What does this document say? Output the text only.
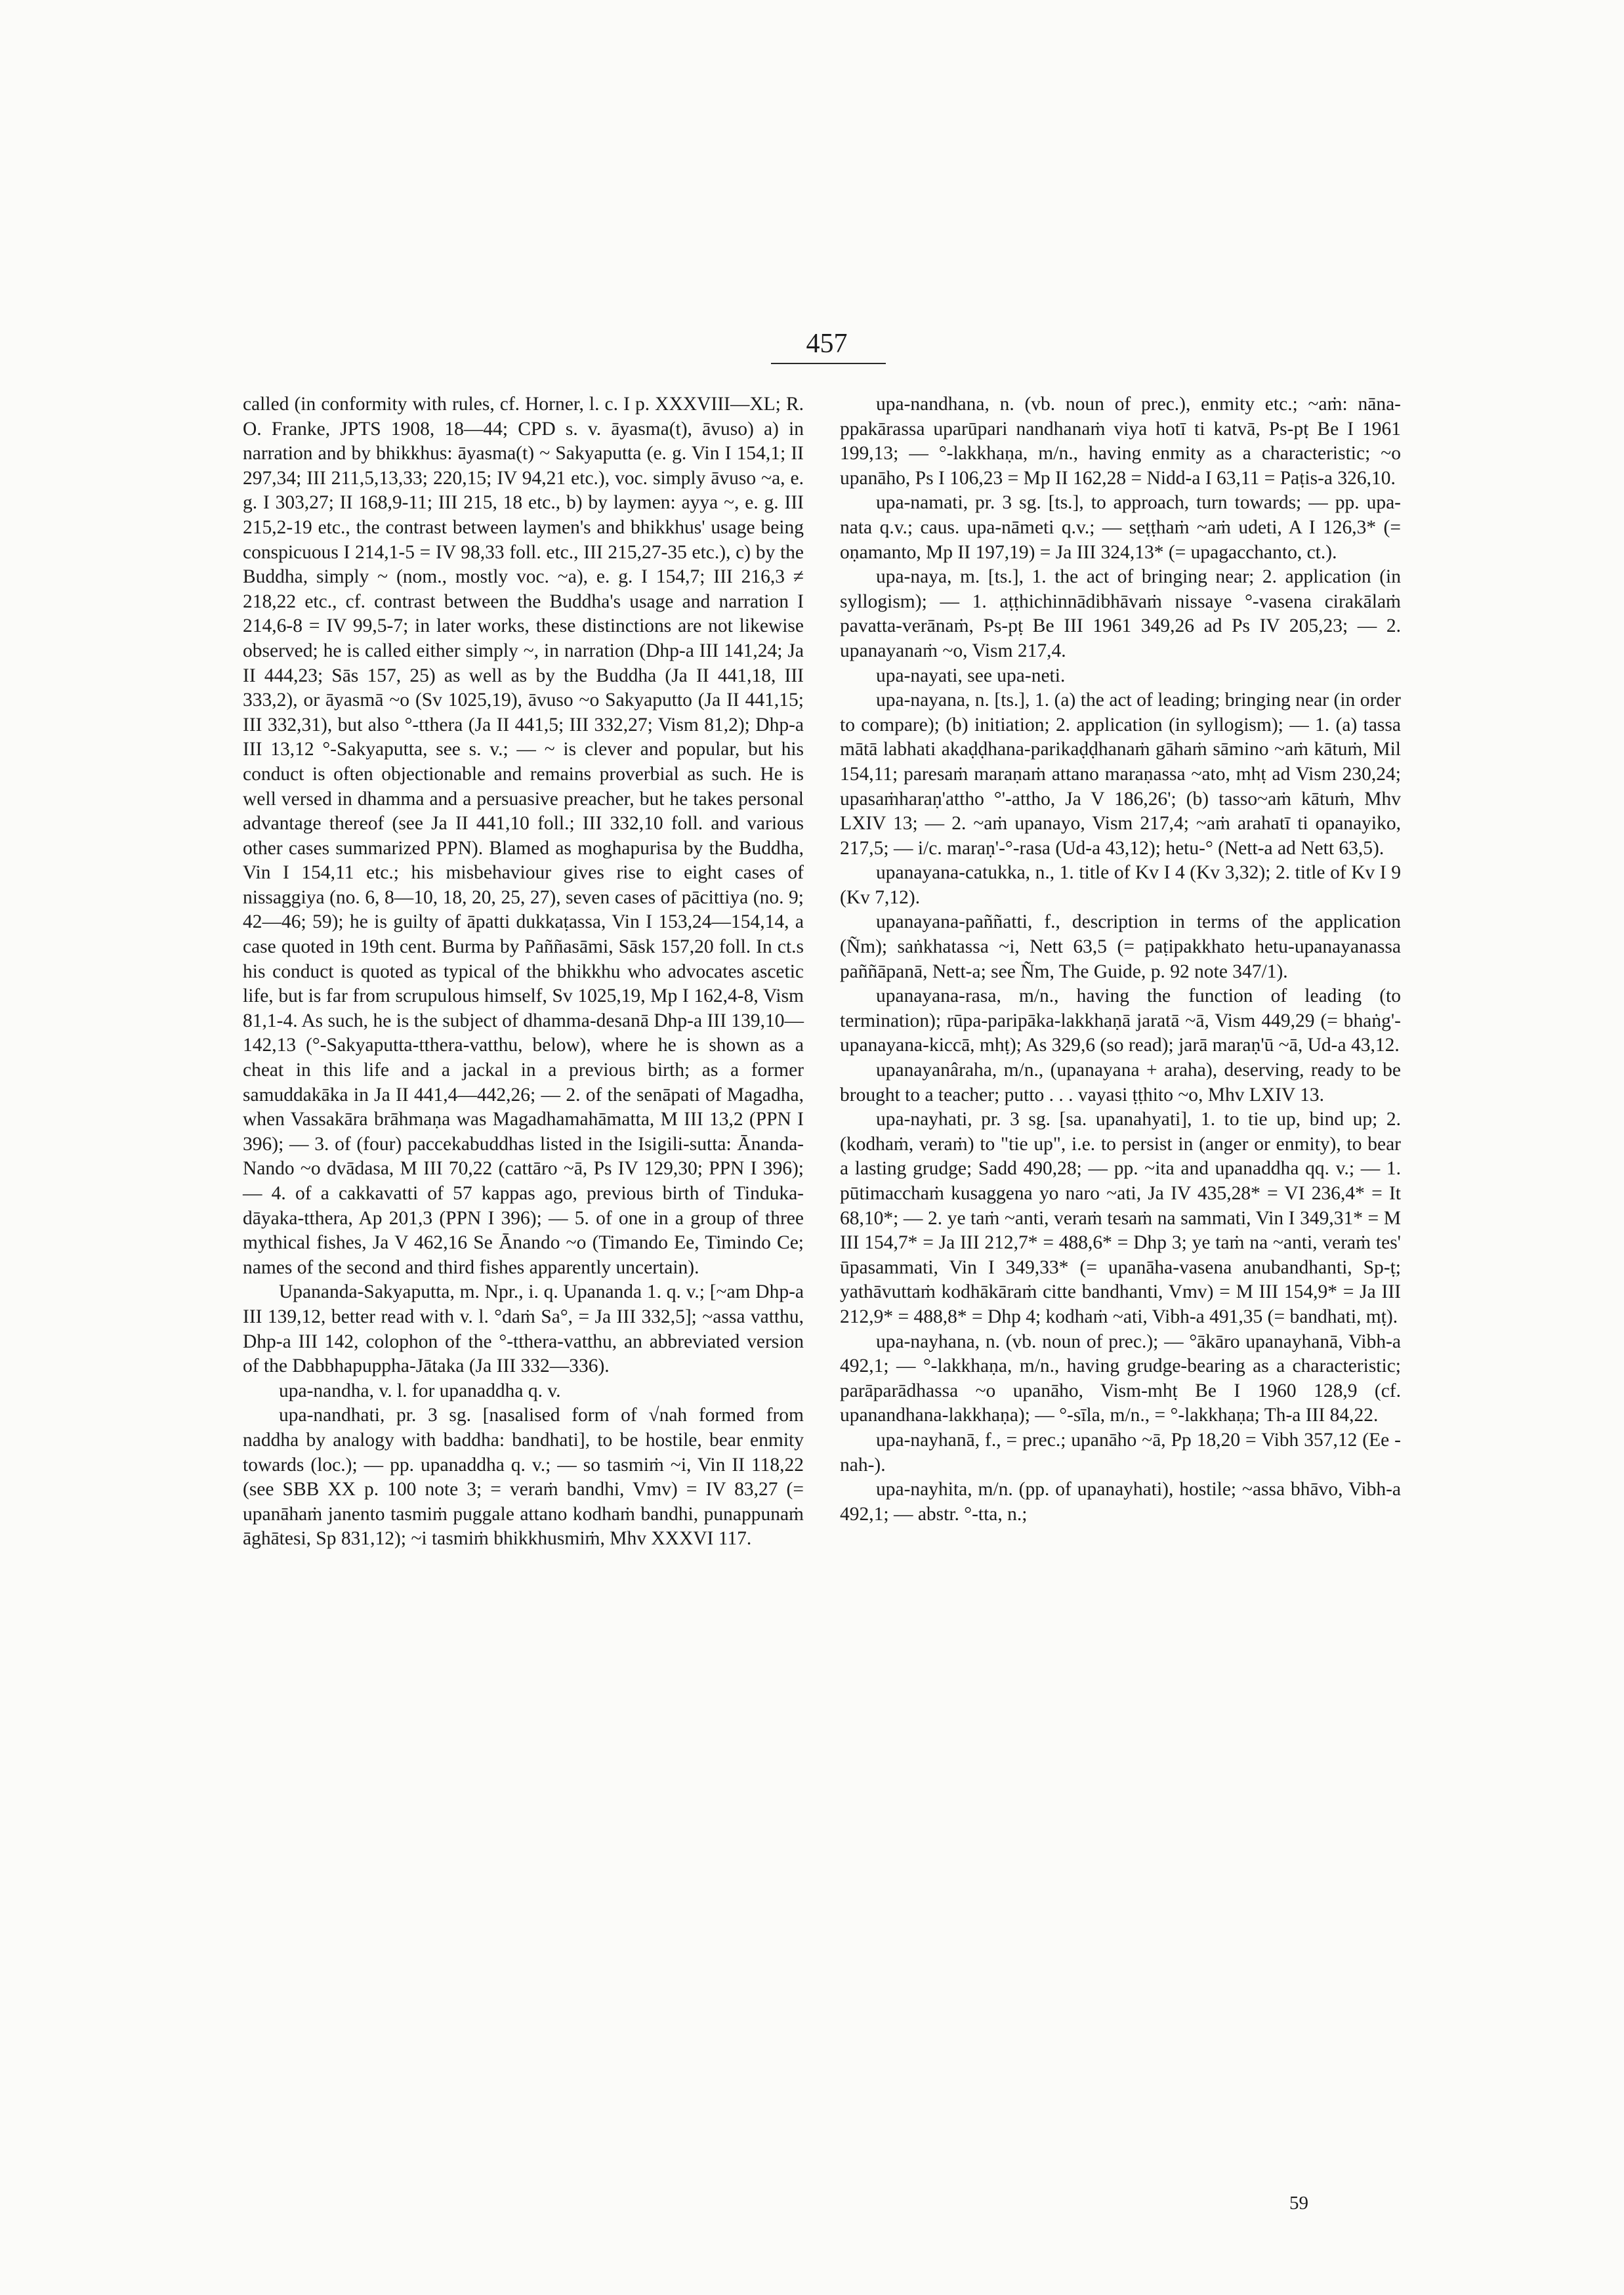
457

called (in conformity with rules, cf. Horner, l. c. I p. XXXVIII—XL; R. O. Franke, JPTS 1908, 18—44; CPD s. v. āyasma(t), āvuso) a) in narration and by bhikkhus: āyasma(t) ~ Sakyaputta (e. g. Vin I 154,1; II 297,34; III 211,5,13,33; 220,15; IV 94,21 etc.), voc. simply āvuso ~a, e. g. I 303,27; II 168,9-11; III 215, 18 etc., b) by laymen: ayya ~, e. g. III 215,2-19 etc., the contrast between laymen's and bhikkhus' usage being conspicuous I 214,1-5 = IV 98,33 foll. etc., III 215,27-35 etc.), c) by the Buddha, simply ~ (nom., mostly voc. ~a), e. g. I 154,7; III 216,3 ≠ 218,22 etc., cf. contrast between the Buddha's usage and narration I 214,6-8 = IV 99,5-7; in later works, these distinctions are not likewise observed; he is called either simply ~, in narration (Dhp-a III 141,24; Ja II 444,23; Sās 157, 25) as well as by the Buddha (Ja II 441,18, III 333,2), or āyasmā ~o (Sv 1025,19), āvuso ~o Sakyaputto (Ja II 441,15; III 332,31), but also °-tthera (Ja II 441,5; III 332,27; Vism 81,2); Dhp-a III 13,12 °-Sakyaputta, see s. v.; — ~ is clever and popular, but his conduct is often objectionable and remains proverbial as such. He is well versed in dhamma and a persuasive preacher, but he takes personal advantage thereof (see Ja II 441,10 foll.; III 332,10 foll. and various other cases summarized PPN). Blamed as moghapurisa by the Buddha, Vin I 154,11 etc.; his misbehaviour gives rise to eight cases of nissaggiya (no. 6, 8—10, 18, 20, 25, 27), seven cases of pācittiya (no. 9; 42—46; 59); he is guilty of āpatti dukkaṭassa, Vin I 153,24—154,14, a case quoted in 19th cent. Burma by Paññasāmi, Sāsk 157,20 foll. In ct.s his conduct is quoted as typical of the bhikkhu who advocates ascetic life, but is far from scrupulous himself, Sv 1025,19, Mp I 162,4-8, Vism 81,1-4. As such, he is the subject of dhamma-desanā Dhp-a III 139,10—142,13 (°-Sakyaputta-tthera-vatthu, below), where he is shown as a cheat in this life and a jackal in a previous birth; as a former samuddakāka in Ja II 441,4—442,26; — 2. of the senāpati of Magadha, when Vassakāra brāhmaṇa was Magadhamahāmatta, M III 13,2 (PPN I 396); — 3. of (four) paccekabuddhas listed in the Isigili-sutta: Ānanda-Nando ~o dvādasa, M III 70,22 (cattāro ~ā, Ps IV 129,30; PPN I 396); — 4. of a cakkavatti of 57 kappas ago, previous birth of Tinduka-dāyaka-tthera, Ap 201,3 (PPN I 396); — 5. of one in a group of three mythical fishes, Ja V 462,16 Se Ānando ~o (Timando Ee, Timindo Ce; names of the second and third fishes apparently uncertain).

Upananda-Sakyaputta, m. Npr., i. q. Upananda 1. q. v.; [~am Dhp-a III 139,12, better read with v. l. °daṁ Sa°, = Ja III 332,5]; ~assa vatthu, Dhp-a III 142, colophon of the °-tthera-vatthu, an abbreviated version of the Dabbhapuppha-Jātaka (Ja III 332—336).

upa-nandha, v. l. for upanaddha q. v.

upa-nandhati, pr. 3 sg. [nasalised form of √nah formed from naddha by analogy with baddha: bandhati], to be hostile, bear enmity towards (loc.); — pp. upanaddha q. v.; — so tasmiṁ ~i, Vin II 118,22 (see SBB XX p. 100 note 3; = veraṁ bandhi, Vmv) = IV 83,27 (= upanāhaṁ janento tasmiṁ puggale attano kodhaṁ bandhi, punappunaṁ āghātesi, Sp 831,12); ~i tasmiṁ bhikkhusmiṁ, Mhv XXXVI 117.

upa-nandhana, n. (vb. noun of prec.), enmity etc.; ~aṁ: nāna-ppakārassa uparūpari nandhanaṁ viya hotī ti katvā, Ps-pṭ Be I 1961 199,13; — °-lakkhaṇa, m/n., having enmity as a characteristic; ~o upanāho, Ps I 106,23 = Mp II 162,28 = Nidd-a I 63,11 = Paṭis-a 326,10.

upa-namati, pr. 3 sg. [ts.], to approach, turn towards; — pp. upa-nata q.v.; caus. upa-nāmeti q.v.; — seṭṭhaṁ ~aṁ udeti, A I 126,3* (= oṇamanto, Mp II 197,19) = Ja III 324,13* (= upagacchanto, ct.).

upa-naya, m. [ts.], 1. the act of bringing near; 2. application (in syllogism); — 1. aṭṭhichinnādibhāvaṁ nissaye °-vasena cirakālaṁ pavatta-verānaṁ, Ps-pṭ Be III 1961 349,26 ad Ps IV 205,23; — 2. upanayanaṁ ~o, Vism 217,4.

upa-nayati, see upa-neti.

upa-nayana, n. [ts.], 1. (a) the act of leading; bringing near (in order to compare); (b) initiation; 2. application (in syllogism); — 1. (a) tassa mātā labhati akaḍḍhana-parikaḍḍhanaṁ gāhaṁ sāmino ~aṁ kātuṁ, Mil 154,11; paresaṁ maraṇaṁ attano maraṇassa ~ato, mhṭ ad Vism 230,24; upasaṁharaṇ'attho °'-attho, Ja V 186,26'; (b) tasso~aṁ kātuṁ, Mhv LXIV 13; — 2. ~aṁ upanayo, Vism 217,4; ~aṁ arahatī ti opanayiko, 217,5; — i/c. maraṇ'-°-rasa (Ud-a 43,12); hetu-° (Nett-a ad Nett 63,5).

upanayana-catukka, n., 1. title of Kv I 4 (Kv 3,32); 2. title of Kv I 9 (Kv 7,12).

upanayana-paññatti, f., description in terms of the application (Ñm); saṅkhatassa ~i, Nett 63,5 (= paṭipakkhato hetu-upanayanassa paññāpanā, Nett-a; see Ñm, The Guide, p. 92 note 347/1).

upanayana-rasa, m/n., having the function of leading (to termination); rūpa-paripāka-lakkhaṇā jaratā ~ā, Vism 449,29 (= bhaṅg'-upanayana-kiccā, mhṭ); As 329,6 (so read); jarā maraṇ'ū ~ā, Ud-a 43,12.

upanayanâraha, m/n., (upanayana + araha), deserving, ready to be brought to a teacher; putto . . . vayasi ṭṭhito ~o, Mhv LXIV 13.

upa-nayhati, pr. 3 sg. [sa. upanahyati], 1. to tie up, bind up; 2. (kodhaṁ, veraṁ) to "tie up", i.e. to persist in (anger or enmity), to bear a lasting grudge; Sadd 490,28; — pp. ~ita and upanaddha qq. v.; — 1. pūtimacchaṁ kusaggena yo naro ~ati, Ja IV 435,28* = VI 236,4* = It 68,10*; — 2. ye taṁ ~anti, veraṁ tesaṁ na sammati, Vin I 349,31* = M III 154,7* = Ja III 212,7* = 488,6* = Dhp 3; ye taṁ na ~anti, veraṁ tes' ūpasammati, Vin I 349,33* (= upanāha-vasena anubandhanti, Sp-ṭ; yathāvuttaṁ kodhākāraṁ citte bandhanti, Vmv) = M III 154,9* = Ja III 212,9* = 488,8* = Dhp 4; kodhaṁ ~ati, Vibh-a 491,35 (= bandhati, mṭ).

upa-nayhana, n. (vb. noun of prec.); — °ākāro upanayhanā, Vibh-a 492,1; — °-lakkhaṇa, m/n., having grudge-bearing as a characteristic; parāparādhassa ~o upanāho, Vism-mhṭ Be I 1960 128,9 (cf. upanandhana-lakkhaṇa); — °-sīla, m/n., = °-lakkhaṇa; Th-a III 84,22.

upa-nayhanā, f., = prec.; upanāho ~ā, Pp 18,20 = Vibh 357,12 (Ee -nah-).

upa-nayhita, m/n. (pp. of upanayhati), hostile; ~assa bhāvo, Vibh-a 492,1; — abstr. °-tta, n.;

59
